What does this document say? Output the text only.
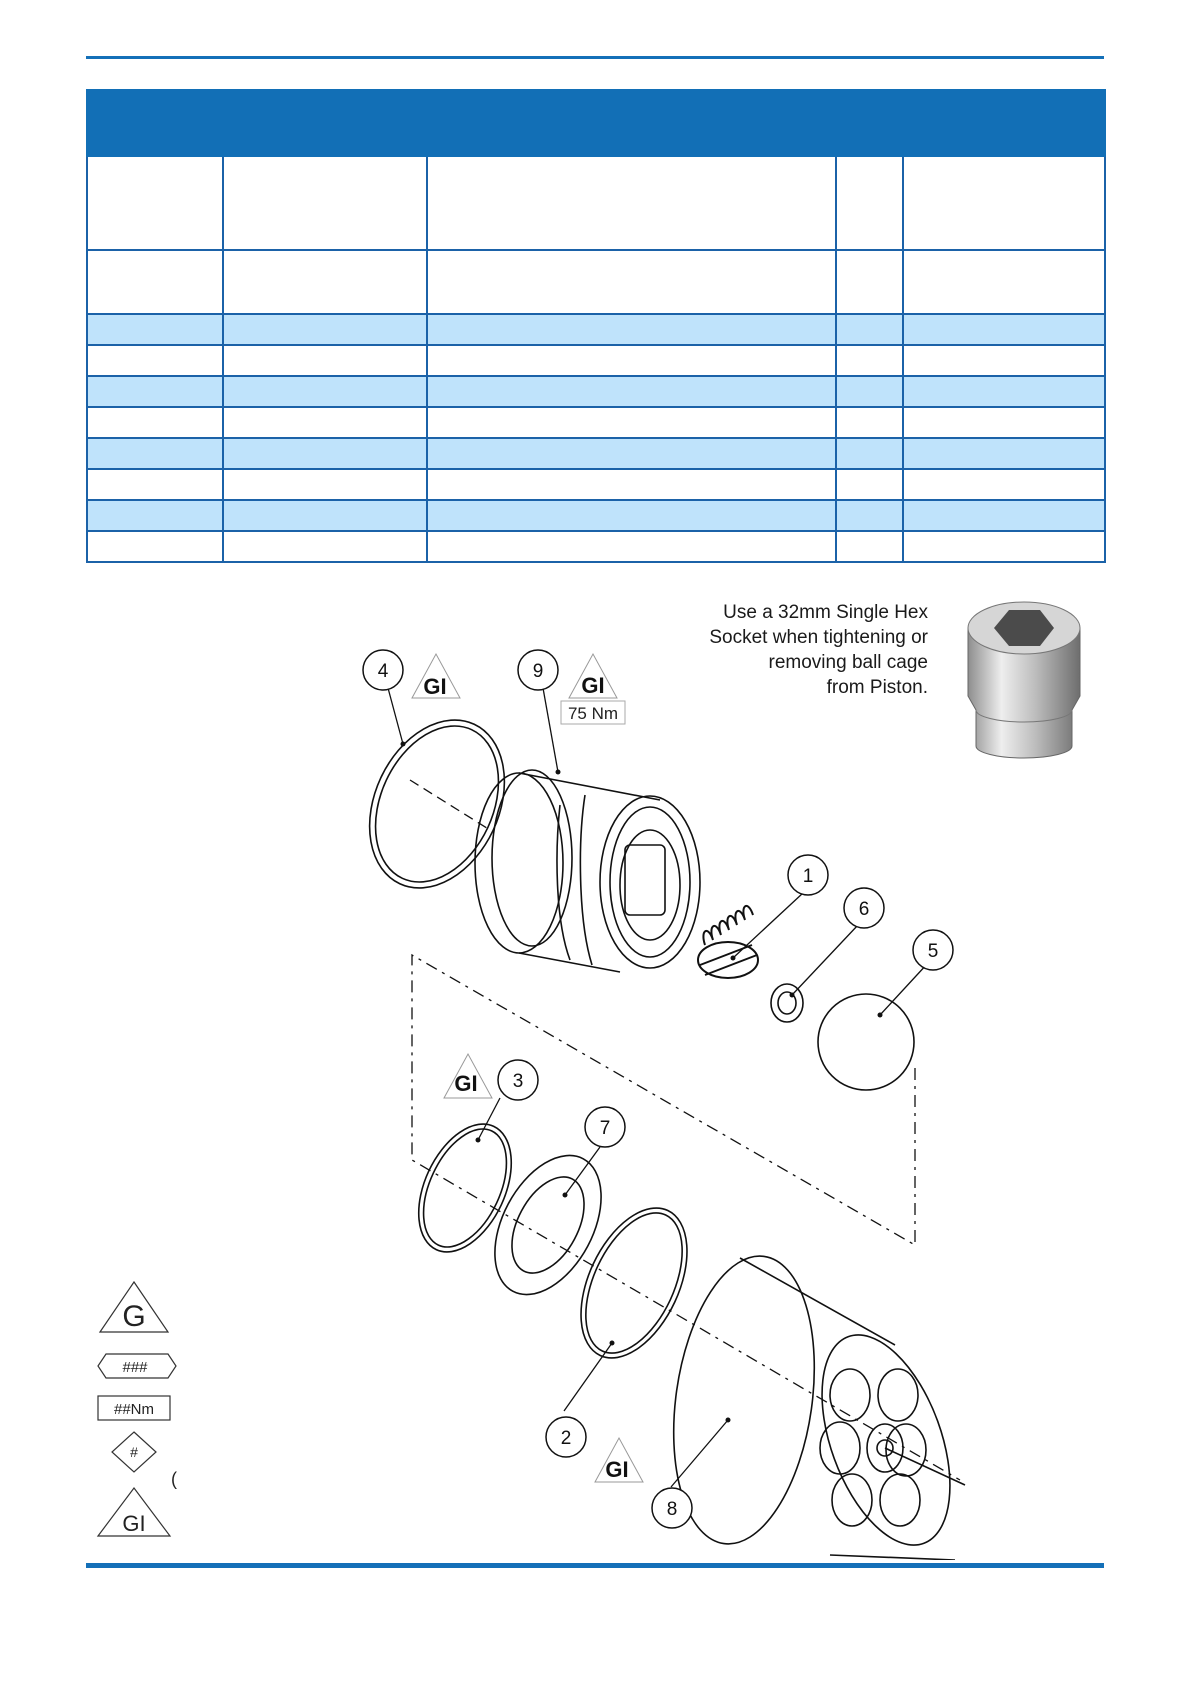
Use a 32mm Single Hex
Socket when tightening or
removing ball cage
from Piston.
4	9
1
6
5
3
7
2
8
GI	GI
GI
GI
75 Nm
G
###
##Nm
#
GI
(
